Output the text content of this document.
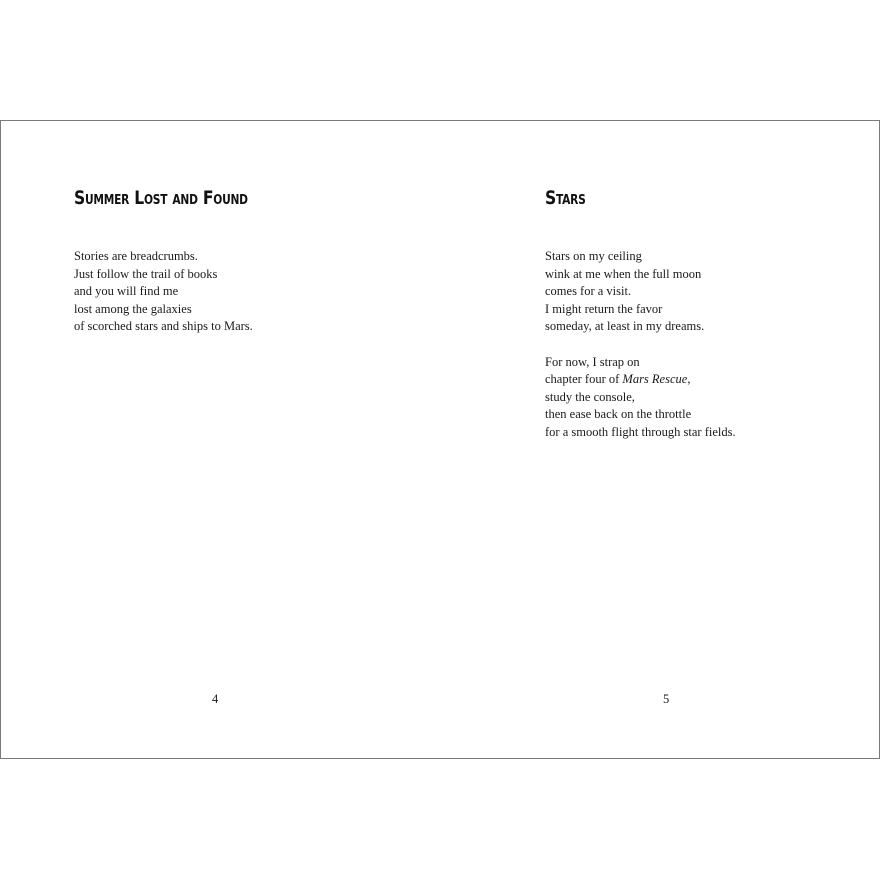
Summer Lost and Found

Stories are breadcrumbs.
Just follow the trail of books
and you will find me
lost among the galaxies
of scorched stars and ships to Mars.

4
Stars

Stars on my ceiling
wink at me when the full moon
comes for a visit.
I might return the favor
someday, at least in my dreams.

For now, I strap on
chapter four of Mars Rescue,
study the console,
then ease back on the throttle
for a smooth flight through star fields.

5
